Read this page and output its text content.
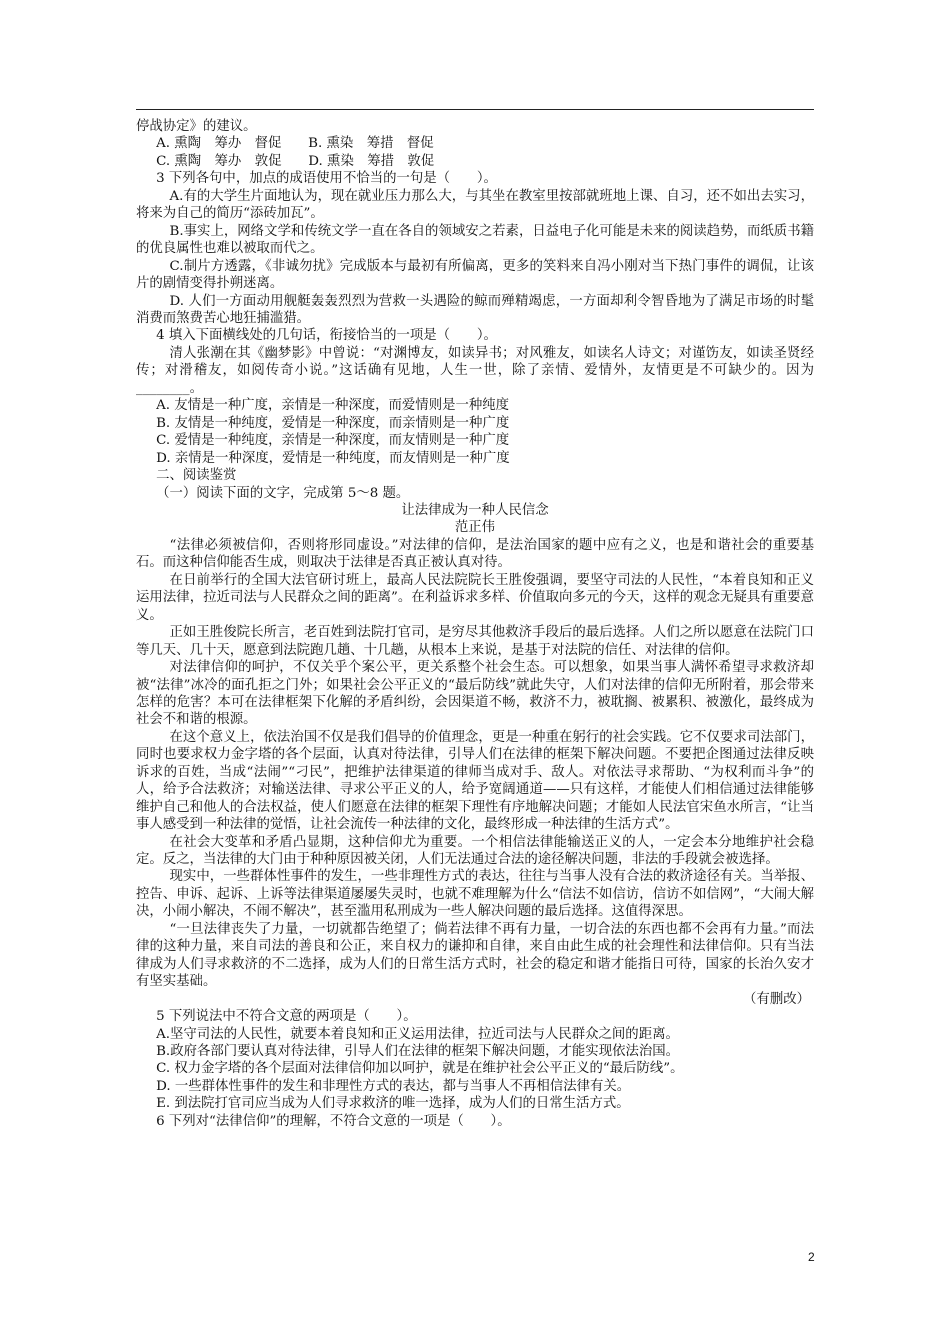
停战协定》的建议。

A. 熏陶　筹办　督促　　B. 熏染　筹措　督促

C. 熏陶　筹办　敦促　　D. 熏染　筹措　敦促

3 下列各句中，加点的成语使用不恰当的一句是（　　）。

A.有的大学生片面地认为，现在就业压力那么大，与其坐在教室里按部就班地上课、自习，还不如出去实习，将来为自己的简历“添砖加瓦”。

B.事实上，网络文学和传统文学一直在各自的领域安之若素，日益电子化可能是未来的阅读趋势，而纸质书籍的优良属性也难以被取而代之。

C.制片方透露，《非诚勿扰》完成版本与最初有所偏离，更多的笑料来自冯小刚对当下热门事件的调侃，让该片的剧情变得扑朔迷离。

D. 人们一方面动用舰艇轰轰烈烈为营救一头遇险的鲸而殚精竭虑，一方面却利令智昏地为了满足市场的时髦消费而煞费苦心地狂捕滥猎。

4 填入下面横线处的几句话，衔接恰当的一项是（　　）。

清人张潮在其《幽梦影》中曾说：“对渊博友，如读异书；对风雅友，如读名人诗文；对谨饬友，如读圣贤经传；对滑稽友，如阅传奇小说。”这话确有见地，人生一世，除了亲情、爱情外，友情更是不可缺少的。因为________。

A. 友情是一种广度，亲情是一种深度，而爱情则是一种纯度

B. 友情是一种纯度，爱情是一种深度，而亲情则是一种广度

C. 爱情是一种纯度，亲情是一种深度，而友情则是一种广度

D. 亲情是一种深度，爱情是一种纯度，而友情则是一种广度

二、阅读鉴赏

（一）阅读下面的文字，完成第 5～8 题。

让法律成为一种人民信念

范正伟

“法律必须被信仰，否则将形同虚设。”对法律的信仰，是法治国家的题中应有之义，也是和谐社会的重要基石。而这种信仰能否生成，则取决于法律是否真正被认真对待。

在日前举行的全国大法官研讨班上，最高人民法院院长王胜俊强调，要坚守司法的人民性，“本着良知和正义运用法律，拉近司法与人民群众之间的距离”。在利益诉求多样、价值取向多元的今天，这样的观念无疑具有重要意义。

正如王胜俊院长所言，老百姓到法院打官司，是穷尽其他救济手段后的最后选择。人们之所以愿意在法院门口等几天、几十天，愿意到法院跑几趟、十几趟，从根本上来说，是基于对法院的信任、对法律的信仰。

对法律信仰的呵护，不仅关乎个案公平，更关系整个社会生态。可以想象，如果当事人满怀希望寻求救济却被“法律”冰冷的面孔拒之门外；如果社会公平正义的“最后防线”就此失守，人们对法律的信仰无所附着，那会带来怎样的危害？本可在法律框架下化解的矛盾纠纷，会因渠道不畅，救济不力，被耽搁、被累积、被激化，最终成为社会不和谐的根源。

在这个意义上，依法治国不仅是我们倡导的价值理念，更是一种重在躬行的社会实践。它不仅要求司法部门，同时也要求权力金字塔的各个层面，认真对待法律，引导人们在法律的框架下解决问题。不要把企图通过法律反映诉求的百姓，当成“法闹”“刁民”，把维护法律渠道的律师当成对手、敌人。对依法寻求帮助、“为权利而斗争”的人，给予合法救济；对输送法律、寻求公平正义的人，给予宽阔通道——只有这样，才能使人们相信通过法律能够维护自己和他人的合法权益，使人们愿意在法律的框架下理性有序地解决问题；才能如人民法官宋鱼水所言，“让当事人感受到一种法律的觉悟，让社会流传一种法律的文化，最终形成一种法律的生活方式”。

在社会大变革和矛盾凸显期，这种信仰尤为重要。一个相信法律能输送正义的人，一定会本分地维护社会稳定。反之，当法律的大门由于种种原因被关闭，人们无法通过合法的途径解决问题，非法的手段就会被选择。

现实中，一些群体性事件的发生，一些非理性方式的表达，往往与当事人没有合法的救济途径有关。当举报、控告、申诉、起诉、上诉等法律渠道屡屡失灵时，也就不难理解为什么“信法不如信访，信访不如信网”，“大闹大解决，小闹小解决，不闹不解决”，甚至滥用私刑成为一些人解决问题的最后选择。这值得深思。

“一旦法律丧失了力量，一切就都告绝望了；倘若法律不再有力量，一切合法的东西也都不会再有力量。”而法律的这种力量，来自司法的善良和公正，来自权力的谦抑和自律，来自由此生成的社会理性和法律信仰。只有当法律成为人们寻求救济的不二选择，成为人们的日常生活方式时，社会的稳定和谐才能指日可待，国家的长治久安才有坚实基础。

（有删改）

5 下列说法中不符合文意的两项是（　　）。

A.坚守司法的人民性，就要本着良知和正义运用法律，拉近司法与人民群众之间的距离。

B.政府各部门要认真对待法律，引导人们在法律的框架下解决问题，才能实现依法治国。

C. 权力金字塔的各个层面对法律信仰加以呵护，就是在维护社会公平正义的“最后防线”。

D. 一些群体性事件的发生和非理性方式的表达，都与当事人不再相信法律有关。

E. 到法院打官司应当成为人们寻求救济的唯一选择，成为人们的日常生活方式。

6 下列对“法律信仰”的理解，不符合文意的一项是（　　）。

2
